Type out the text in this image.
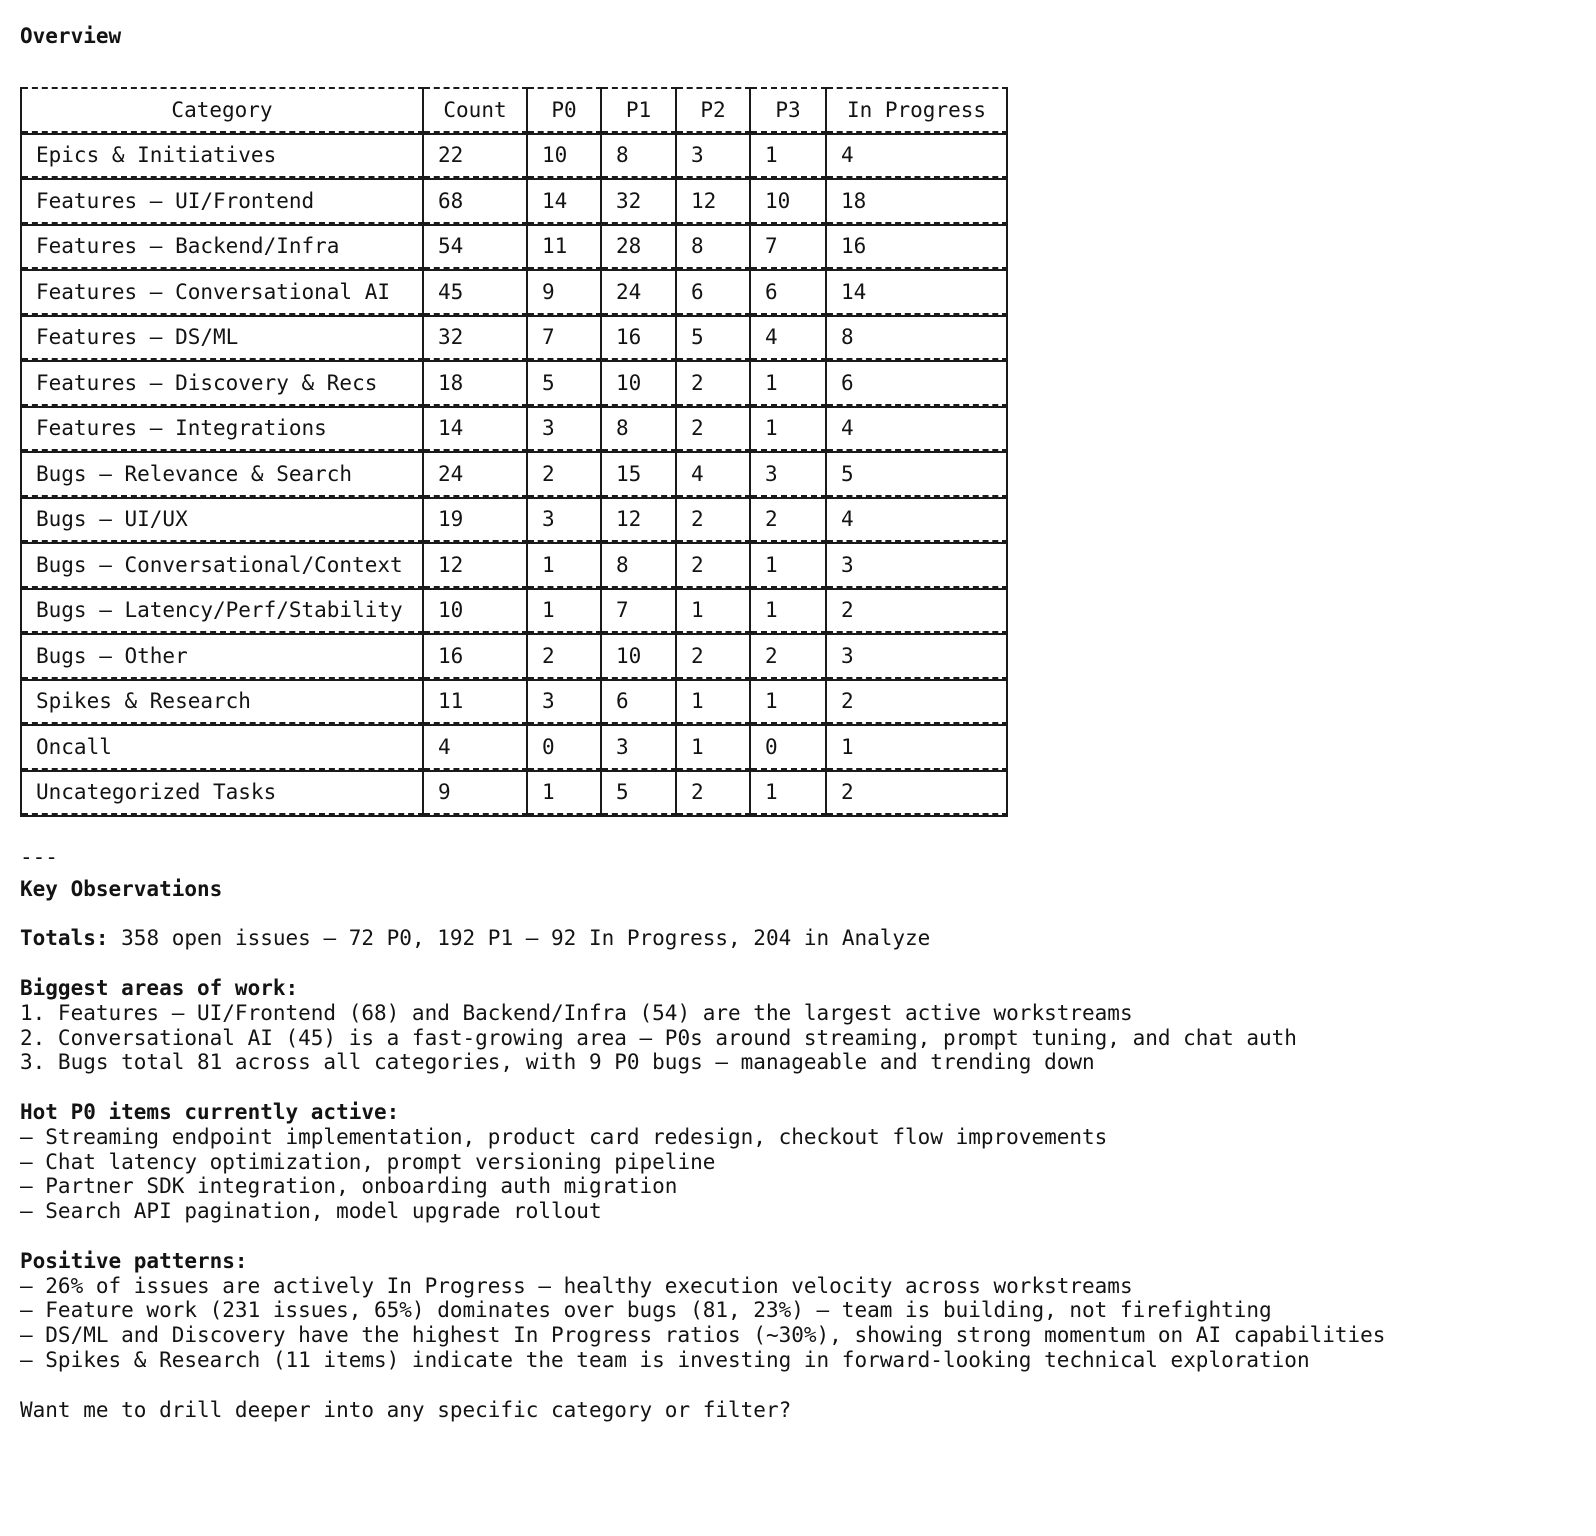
Overview
Category	Count	P0	P1	P2	P3	In Progress
Epics & Initiatives	22	10	8	3	1	4
Features – UI/Frontend	68	14	32	12	10	18
Features – Backend/Infra	54	11	28	8	7	16
Features – Conversational AI	45	9	24	6	6	14
Features – DS/ML	32	7	16	5	4	8
Features – Discovery & Recs	18	5	10	2	1	6
Features – Integrations	14	3	8	2	1	4
Bugs – Relevance & Search	24	2	15	4	3	5
Bugs – UI/UX	19	3	12	2	2	4
Bugs – Conversational/Context	12	1	8	2	1	3
Bugs – Latency/Perf/Stability	10	1	7	1	1	2
Bugs – Other	16	2	10	2	2	3
Spikes & Research	11	3	6	1	1	2
Oncall	4	0	3	1	0	1
Uncategorized Tasks	9	1	5	2	1	2
---
Key Observations
Totals: 358 open issues — 72 P0, 192 P1 — 92 In Progress, 204 in Analyze
Biggest areas of work:
1. Features – UI/Frontend (68) and Backend/Infra (54) are the largest active workstreams
2. Conversational AI (45) is a fast-growing area — P0s around streaming, prompt tuning, and chat auth
3. Bugs total 81 across all categories, with 9 P0 bugs — manageable and trending down
Hot P0 items currently active:
– Streaming endpoint implementation, product card redesign, checkout flow improvements
– Chat latency optimization, prompt versioning pipeline
– Partner SDK integration, onboarding auth migration
– Search API pagination, model upgrade rollout
Positive patterns:
– 26% of issues are actively In Progress — healthy execution velocity across workstreams
– Feature work (231 issues, 65%) dominates over bugs (81, 23%) — team is building, not firefighting
– DS/ML and Discovery have the highest In Progress ratios (~30%), showing strong momentum on AI capabilities
– Spikes & Research (11 items) indicate the team is investing in forward-looking technical exploration
Want me to drill deeper into any specific category or filter?
